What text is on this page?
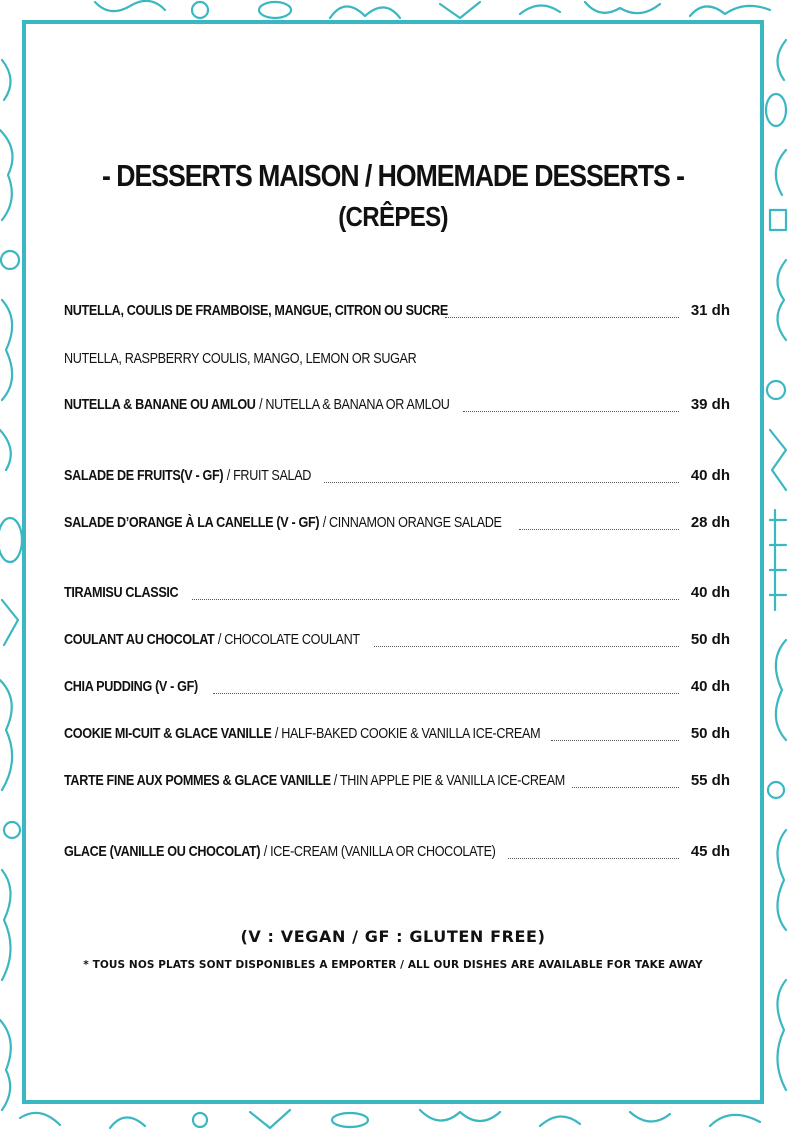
- DESSERTS MAISON / HOMEMADE DESSERTS -
(CRÊPES)
NUTELLA, COULIS DE FRAMBOISE, MANGUE, CITRON OU SUCRE	31 dh
NUTELLA, RASPBERRY COULIS, MANGO, LEMON OR SUGAR
NUTELLA & BANANE OU AMLOU / NUTELLA & BANANA OR AMLOU	39 dh
SALADE DE FRUITS(V - GF) / FRUIT SALAD	40 dh
SALADE D’ORANGE À LA CANELLE (V - GF) / CINNAMON ORANGE SALADE	28 dh
TIRAMISU CLASSIC	40 dh
COULANT AU CHOCOLAT / CHOCOLATE COULANT	50 dh
CHIA PUDDING (V - GF)	40 dh
COOKIE MI-CUIT & GLACE VANILLE / HALF-BAKED COOKIE & VANILLA ICE-CREAM	50 dh
TARTE FINE AUX POMMES & GLACE VANILLE / THIN APPLE PIE & VANILLA ICE-CREAM	55 dh
GLACE (VANILLE OU CHOCOLAT) / ICE-CREAM (VANILLA OR CHOCOLATE)	45 dh
(V : VEGAN / GF : GLUTEN FREE)
* TOUS NOS PLATS SONT DISPONIBLES A EMPORTER / ALL OUR DISHES ARE AVAILABLE FOR TAKE AWAY
